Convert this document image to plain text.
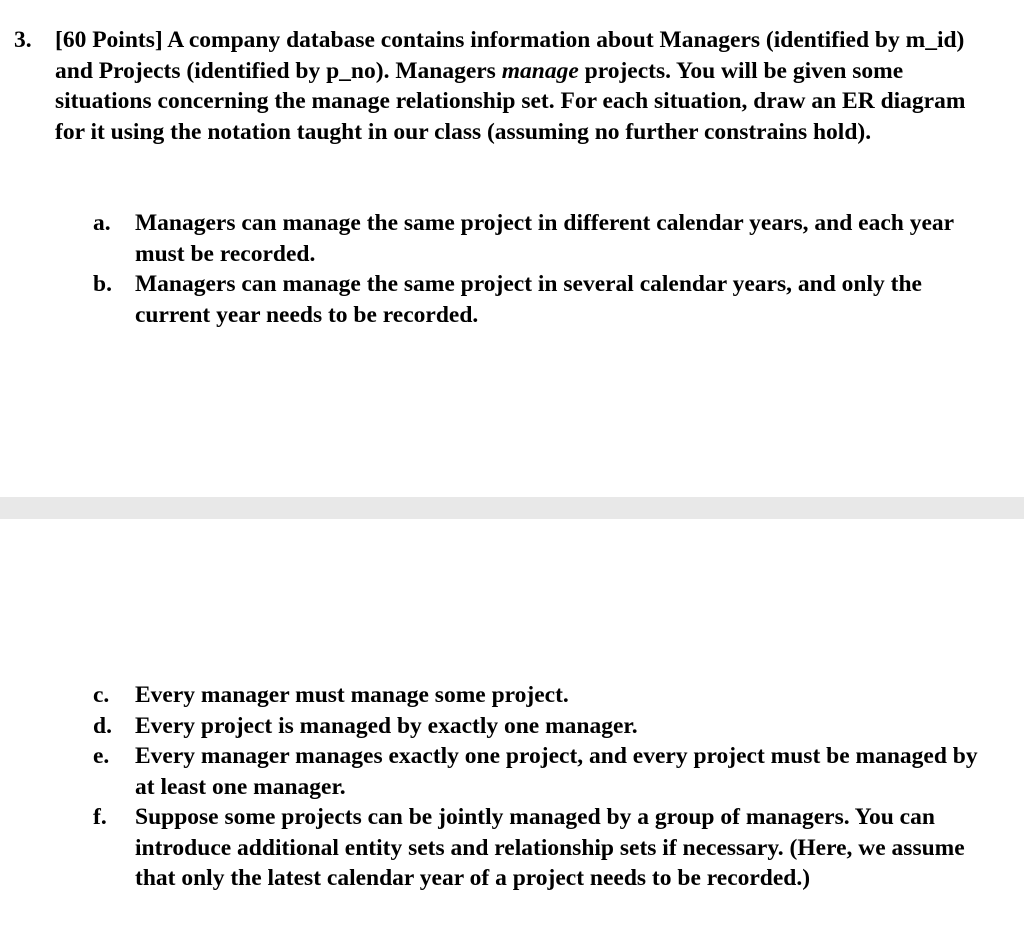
3. [60 Points] A company database contains information about Managers (identified by m_id) and Projects (identified by p_no). Managers manage projects. You will be given some situations concerning the manage relationship set. For each situation, draw an ER diagram for it using the notation taught in our class (assuming no further constrains hold).
a.	Managers can manage the same project in different calendar years, and each year must be recorded.
b. Managers can manage the same project in several calendar years, and only the current year needs to be recorded.
c.	Every manager must manage some project.
d. Every project is managed by exactly one manager.
e.	Every manager manages exactly one project, and every project must be managed by at least one manager.
f.	Suppose some projects can be jointly managed by a group of managers. You can introduce additional entity sets and relationship sets if necessary. (Here, we assume that only the latest calendar year of a project needs to be recorded.)
